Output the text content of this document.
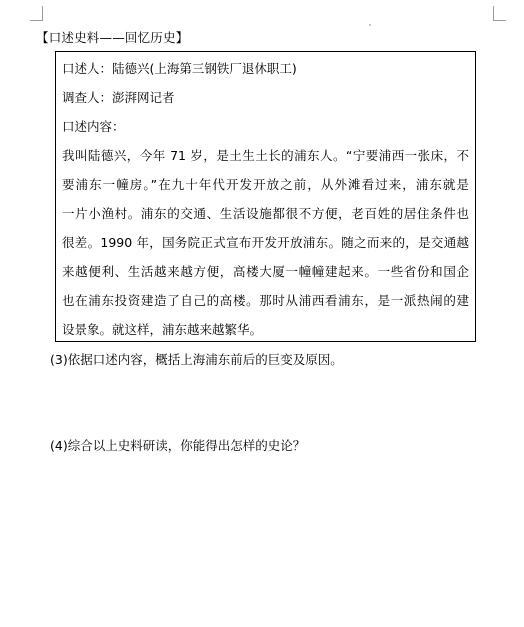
【口述史料——回忆历史】
口述人：陆德兴(上海第三钢铁厂退休职工)
调查人：澎湃网记者
口述内容：
我叫陆德兴，今年 71 岁，是土生土长的浦东人。“宁要浦西一张床，不
要浦东一幢房。”在九十年代开发开放之前，从外滩看过来，浦东就是
一片小渔村。浦东的交通、生活设施都很不方便，老百姓的居住条件也
很差。1990 年，国务院正式宣布开发开放浦东。随之而来的，是交通越
来越便利、生活越来越方便，高楼大厦一幢幢建起来。一些省份和国企
也在浦东投资建造了自己的高楼。那时从浦西看浦东，是一派热闹的建
设景象。就这样，浦东越来越繁华。
(3)依据口述内容，概括上海浦东前后的巨变及原因。
(4)综合以上史料研读，你能得出怎样的史论？
